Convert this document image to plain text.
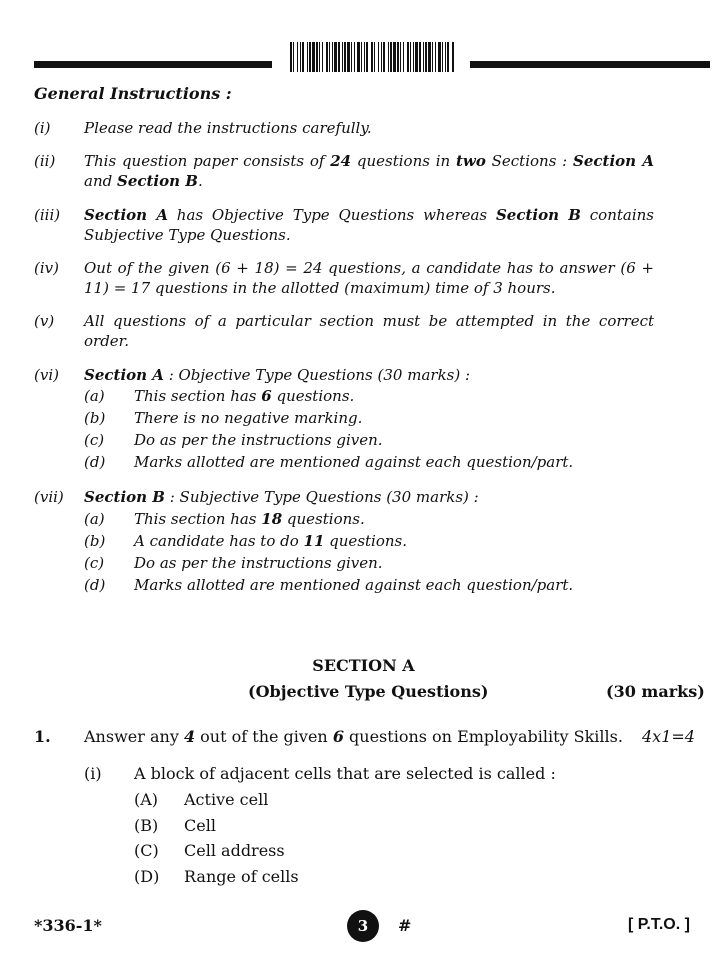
General Instructions :
(i) Please read the instructions carefully.
(ii) This question paper consists of 24 questions in two Sections : Section A and Section B.
(iii) Section A has Objective Type Questions whereas Section B contains Subjective Type Questions.
(iv) Out of the given (6 + 18) = 24 questions, a candidate has to answer (6 + 11) = 17 questions in the allotted (maximum) time of 3 hours.
(v) All questions of a particular section must be attempted in the correct order.
(vi) Section A : Objective Type Questions (30 marks) :
(a) This section has 6 questions.
(b) There is no negative marking.
(c) Do as per the instructions given.
(d) Marks allotted are mentioned against each question/part.
(vii) Section B : Subjective Type Questions (30 marks) :
(a) This section has 18 questions.
(b) A candidate has to do 11 questions.
(c) Do as per the instructions given.
(d) Marks allotted are mentioned against each question/part.
SECTION A
(Objective Type Questions)	(30 marks)
1. Answer any 4 out of the given 6 questions on Employability Skills. 4x1=4
(i) A block of adjacent cells that are selected is called :
(A) Active cell
(B) Cell
(C) Cell address
(D) Range of cells
*336-1*	3	#	[ P.T.O. ]
